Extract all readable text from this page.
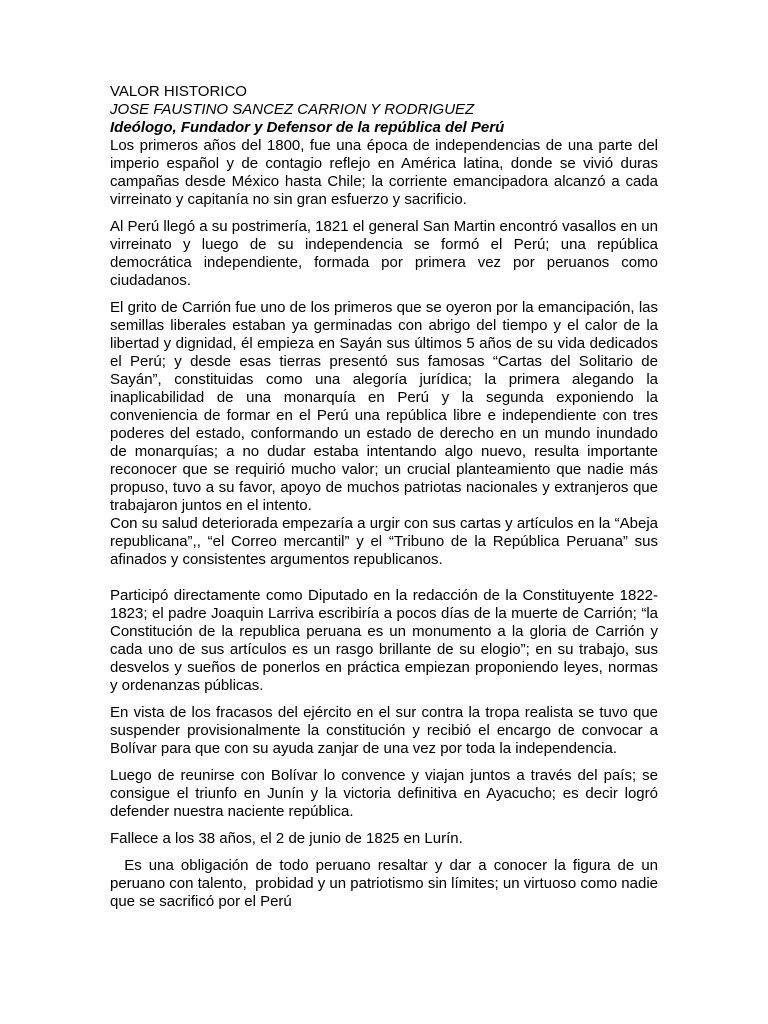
VALOR HISTORICO

JOSE FAUSTINO SANCEZ CARRION Y RODRIGUEZ

Ideólogo, Fundador y Defensor de la república del Perú

Los primeros años del 1800, fue una época de independencias de una parte del imperio español y de contagio reflejo en América latina, donde se vivió duras campañas desde México hasta Chile; la corriente emancipadora alcanzó a cada virreinato y capitanía no sin gran esfuerzo y sacrificio.

Al Perú llegó a su postrimería, 1821 el general San Martin encontró vasallos en un virreinato y luego de su independencia se formó el Perú; una república democrática independiente, formada por primera vez por peruanos como ciudadanos.

El grito de Carrión fue uno de los primeros que se oyeron por la emancipación, las semillas liberales estaban ya germinadas con abrigo del tiempo y el calor de la libertad y dignidad, él empieza en Sayán sus últimos 5 años de su vida dedicados el Perú; y desde esas tierras presentó sus famosas “Cartas del Solitario de Sayán”, constituidas como una alegoría jurídica; la primera alegando la inaplicabilidad de una monarquía en Perú y la segunda exponiendo la conveniencia de formar en el Perú una república libre e independiente con tres poderes del estado, conformando un estado de derecho en un mundo inundado de monarquías; a no dudar estaba intentando algo nuevo, resulta importante reconocer que se requirió mucho valor; un crucial planteamiento que nadie más propuso, tuvo a su favor, apoyo de muchos patriotas nacionales y extranjeros que trabajaron juntos en el intento.

Con su salud deteriorada empezaría a urgir con sus cartas y artículos en la “Abeja republicana”,, “el Correo mercantil” y el “Tribuno de la República Peruana” sus afinados y consistentes argumentos republicanos.

Participó directamente como Diputado en la redacción de la Constituyente 1822-1823; el padre Joaquin Larriva escribiría a pocos días de la muerte de Carrión; “la Constitución de la republica peruana es un monumento a la gloria de Carrión y cada uno de sus artículos es un rasgo brillante de su elogio”; en su trabajo, sus desvelos y sueños de ponerlos en práctica empiezan proponiendo leyes, normas y ordenanzas públicas.

En vista de los fracasos del ejército en el sur contra la tropa realista se tuvo que suspender provisionalmente la constitución y recibió el encargo de convocar a Bolívar para que con su ayuda zanjar de una vez por toda la independencia.

Luego de reunirse con Bolívar lo convence y viajan juntos a través del país; se consigue el triunfo en Junín y la victoria definitiva en Ayacucho; es decir logró defender nuestra naciente república.

Fallece a los 38 años, el 2 de junio de 1825 en Lurín.

Es una obligación de todo peruano resaltar y dar a conocer la figura de un peruano con talento,  probidad y un patriotismo sin límites; un virtuoso como nadie que se sacrificó por el Perú
